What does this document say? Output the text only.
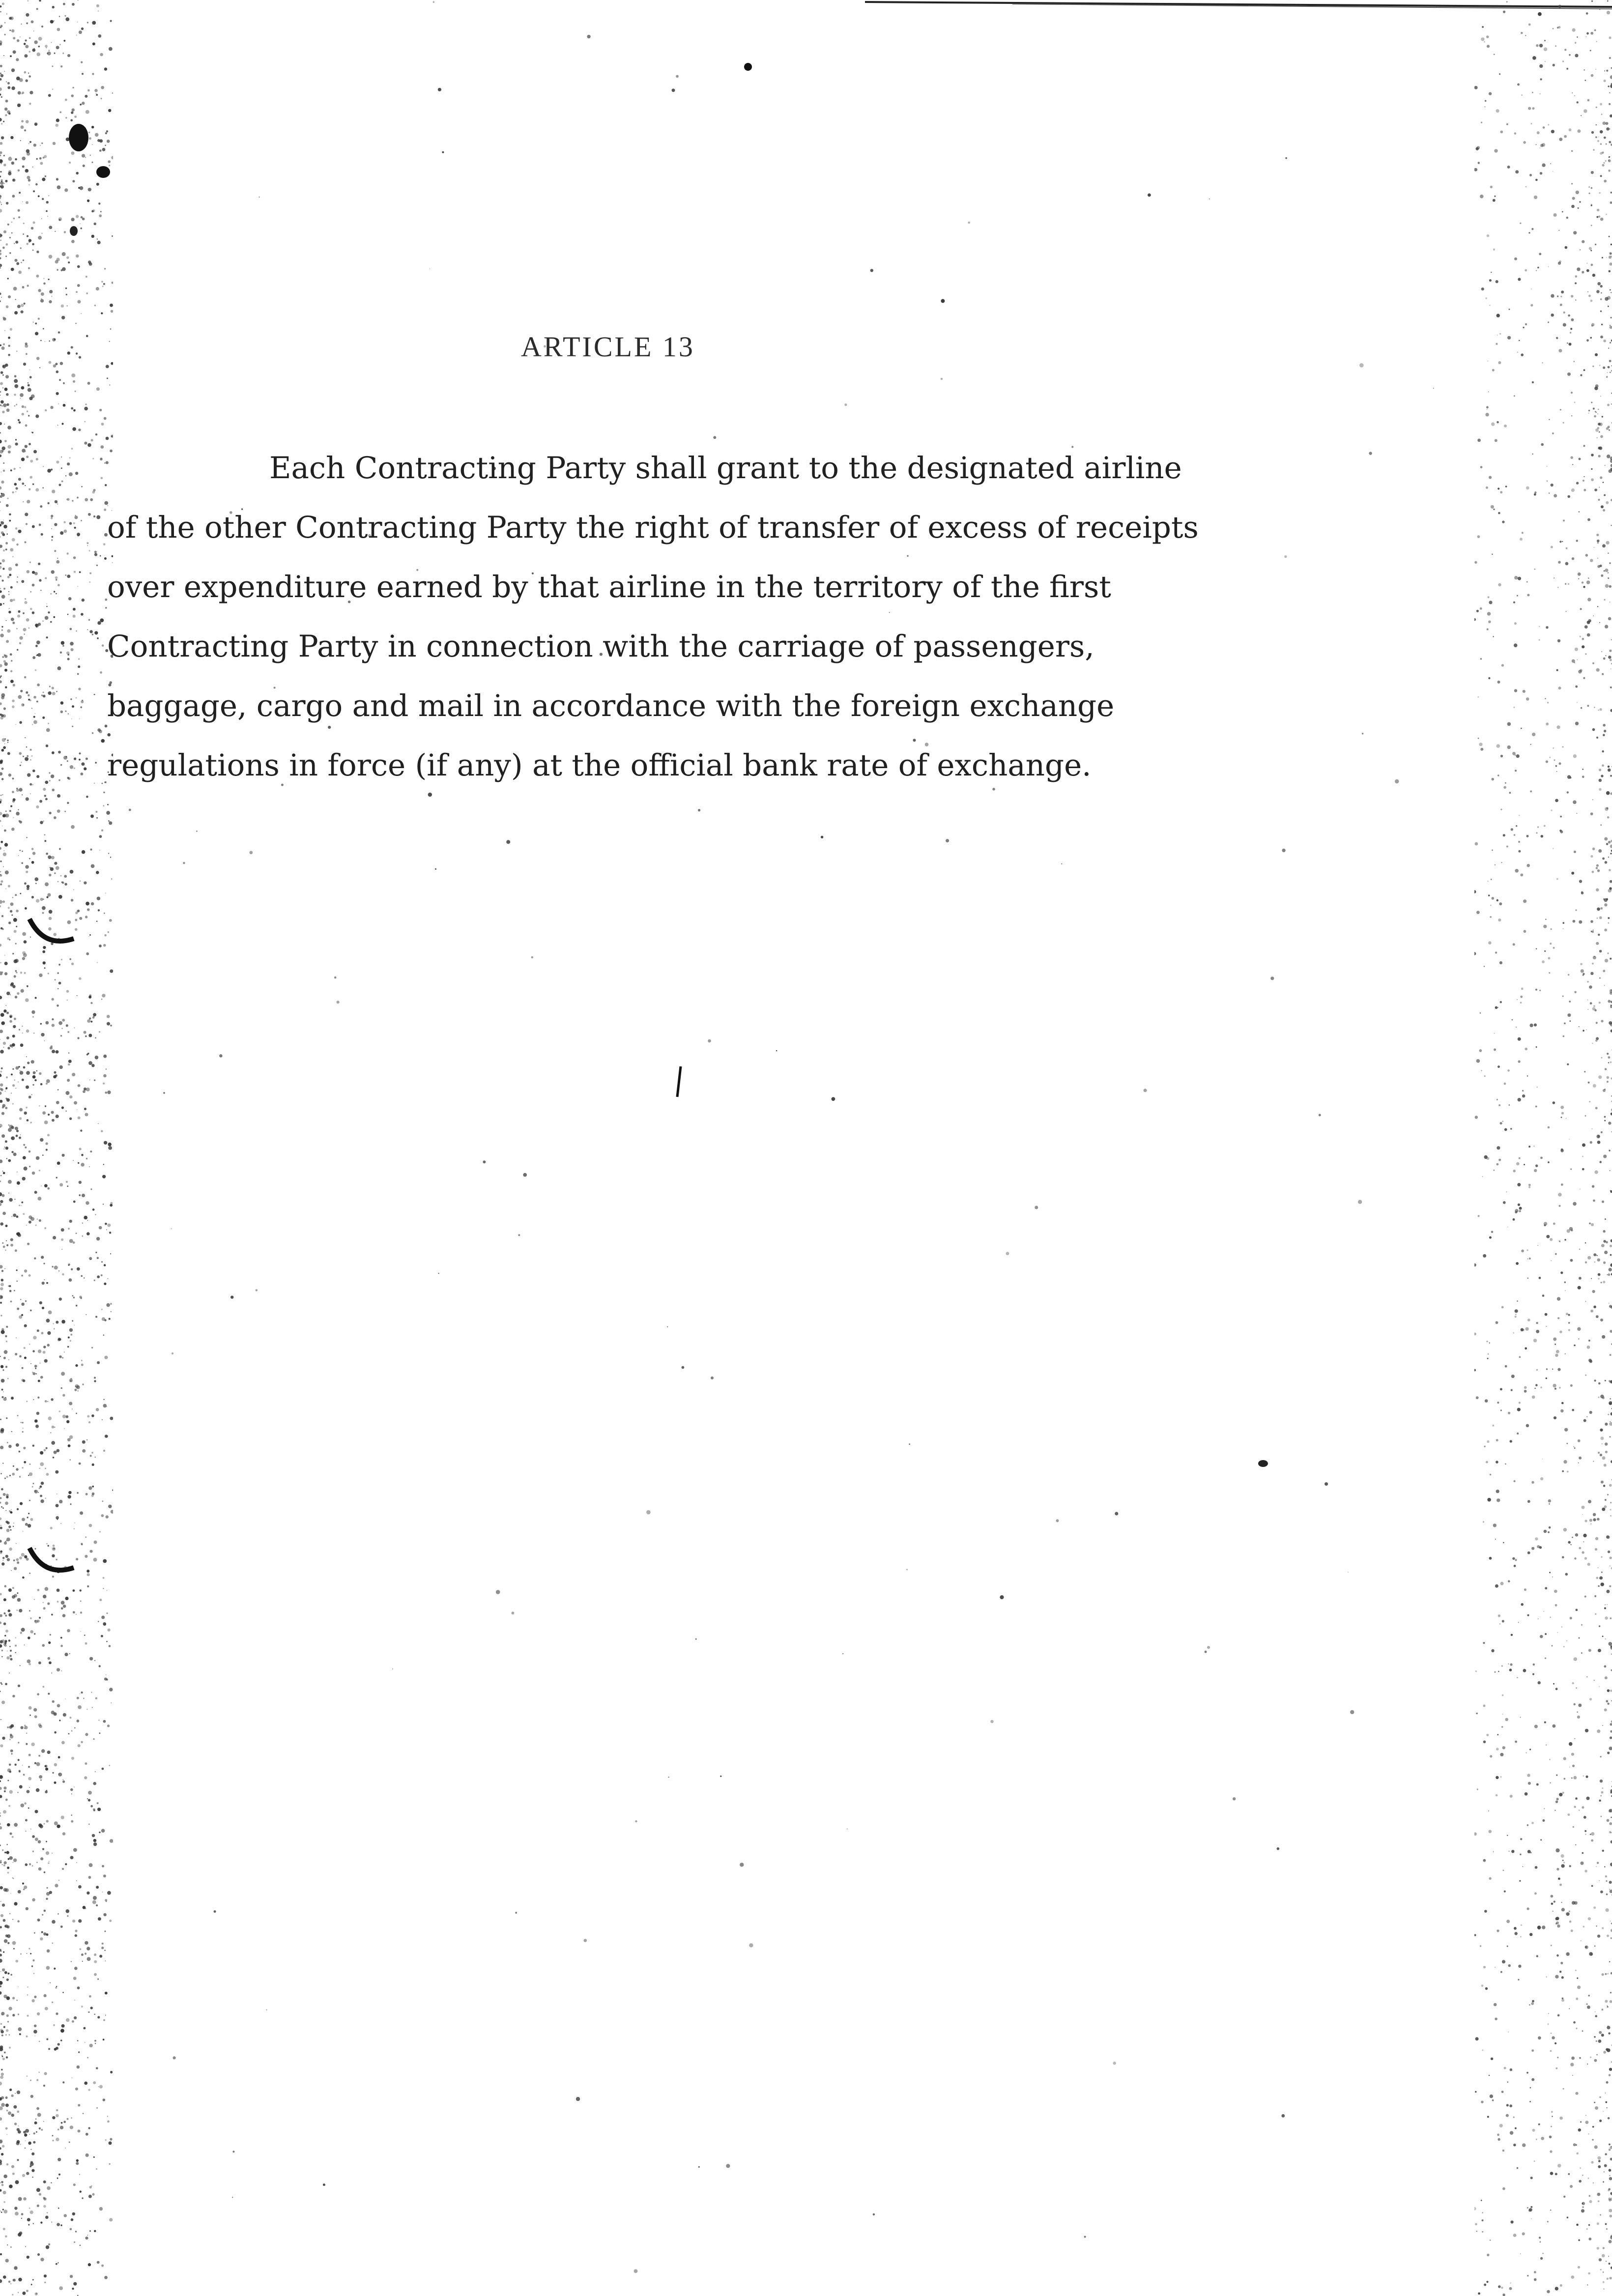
ARTICLE 13
Each Contracting Party shall grant to the designated airline
of the other Contracting Party the right of transfer of excess of receipts
over expenditure earned by that airline in the territory of the first
Contracting Party in connection with the carriage of passengers,
baggage, cargo and mail in accordance with the foreign exchange
regulations in force (if any) at the official bank rate of exchange.
